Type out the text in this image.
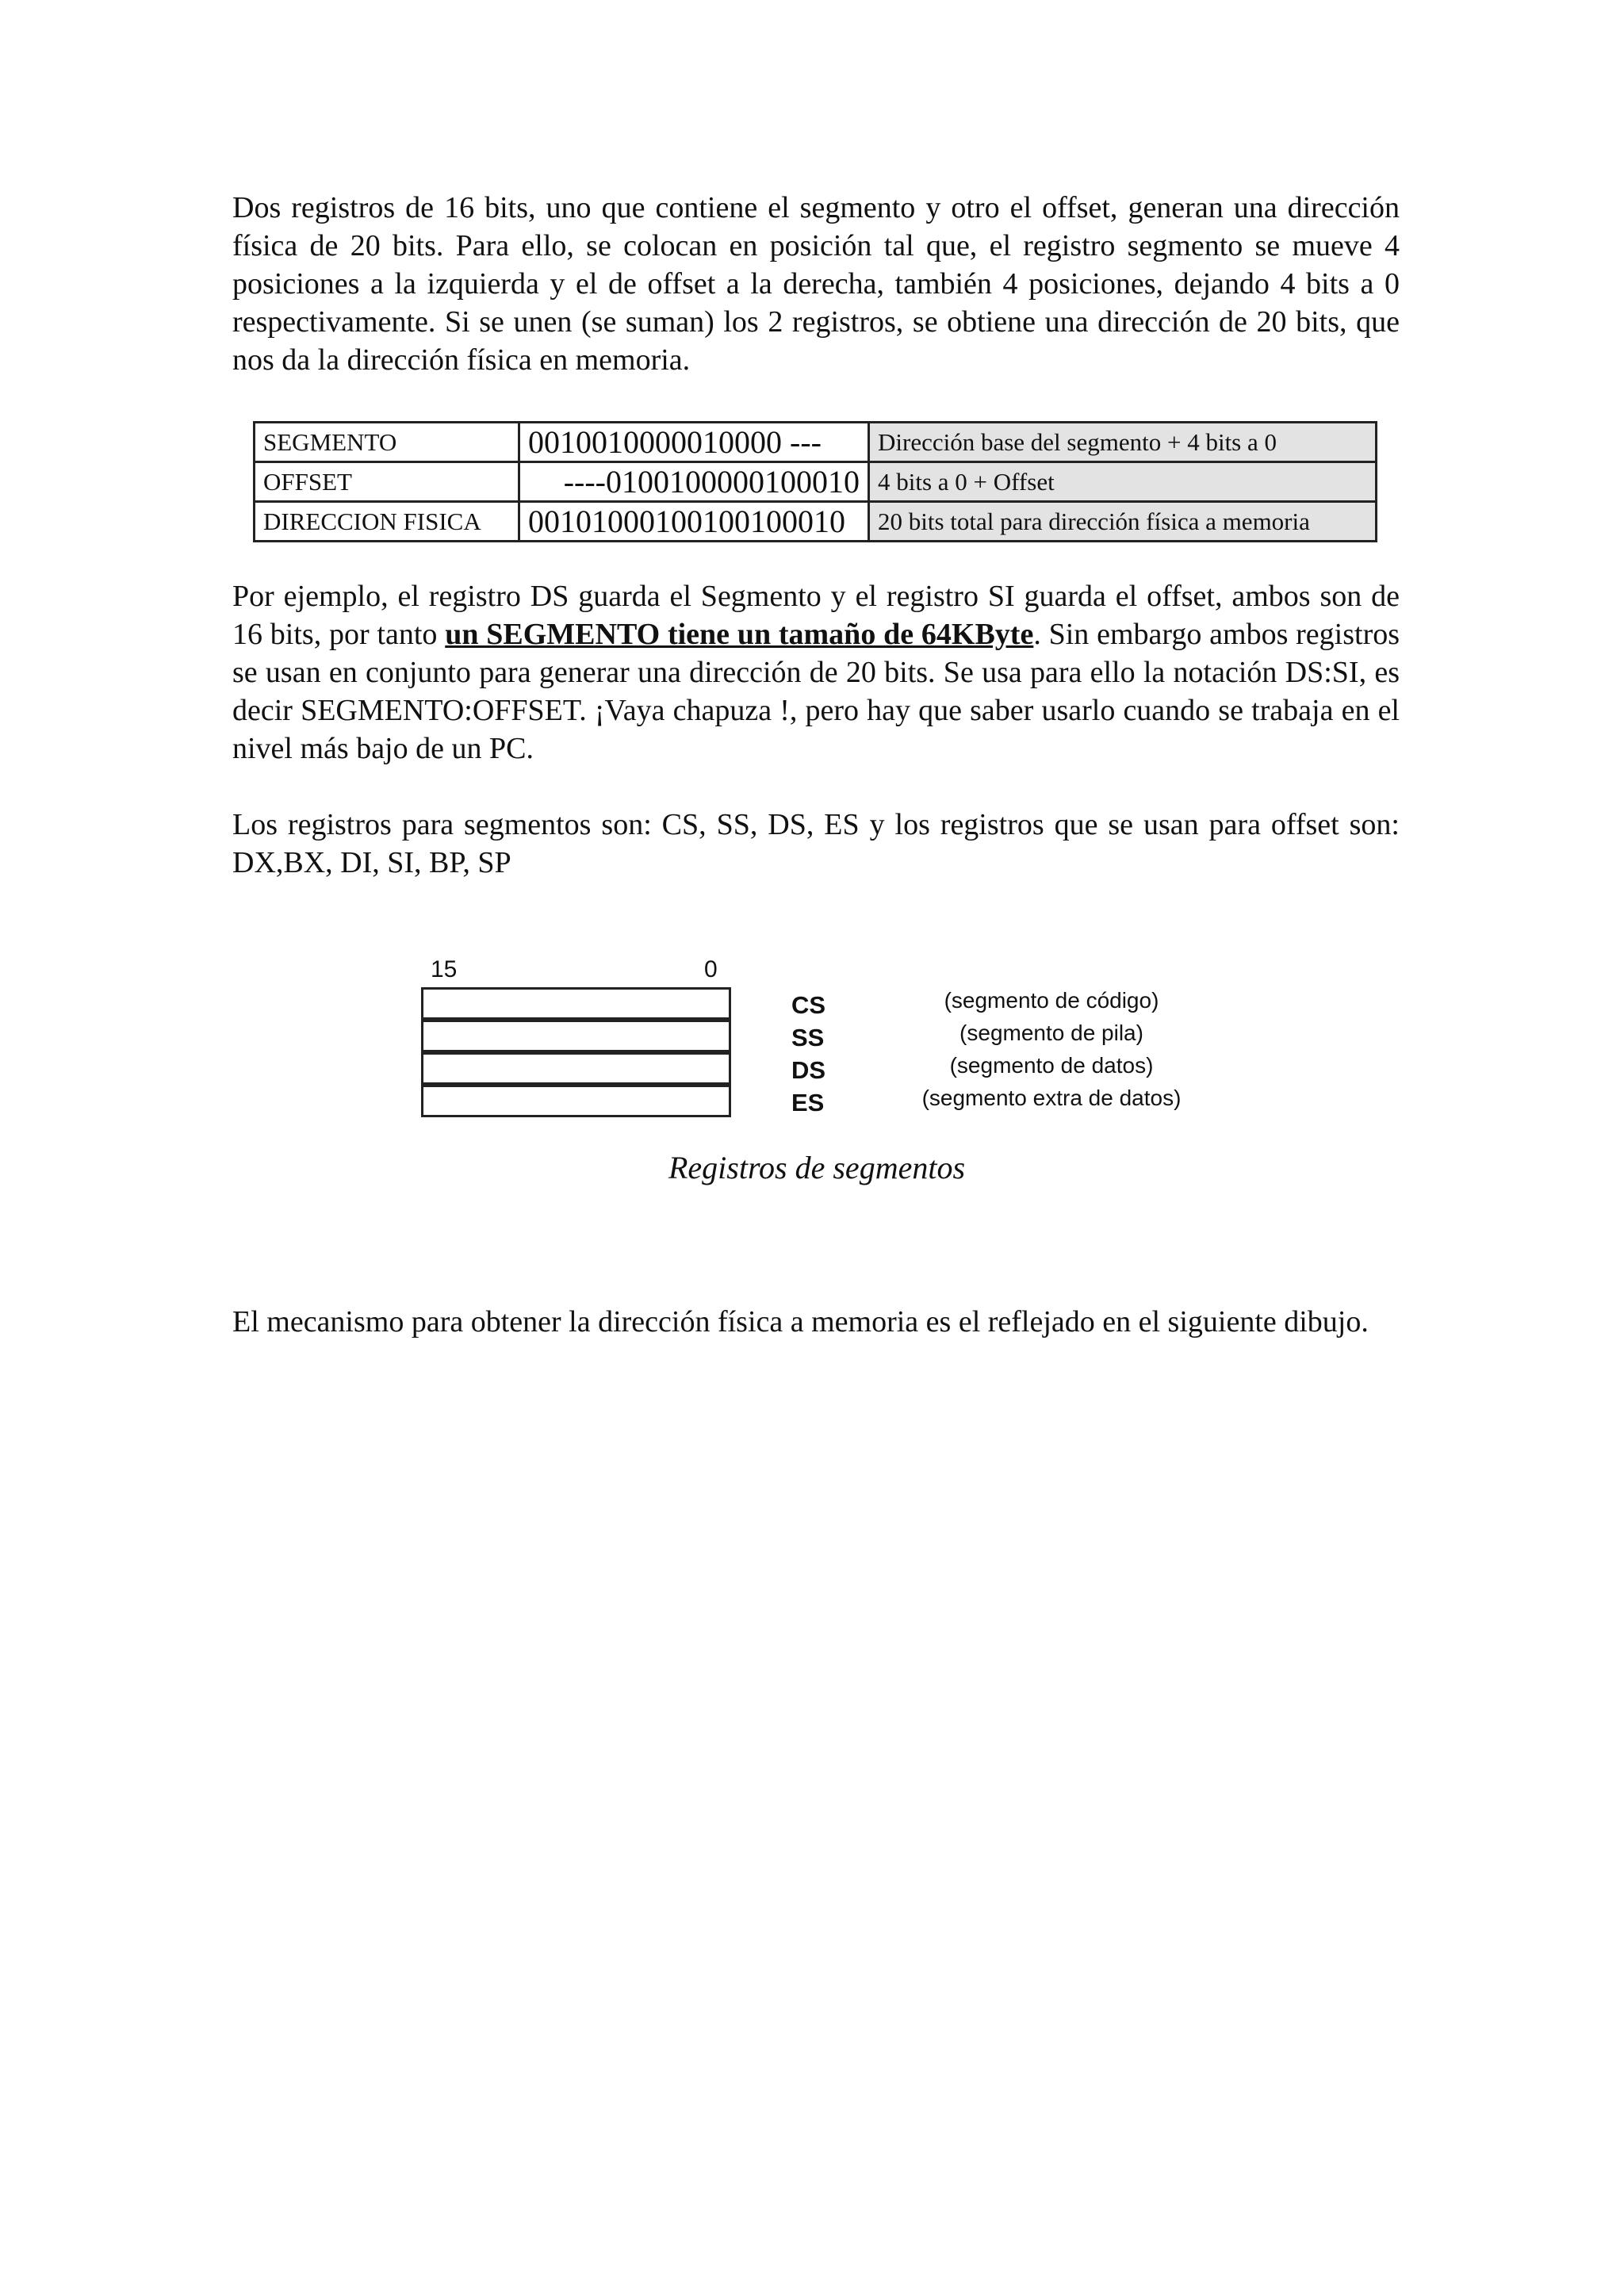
Dos registros de 16 bits, uno que contiene el segmento y otro el offset, generan una dirección física de 20 bits. Para ello, se colocan en posición tal que, el registro segmento se mueve 4 posiciones a la izquierda y el de offset a la derecha, también 4 posiciones, dejando 4 bits a 0 respectivamente. Si se unen (se suman) los 2 registros, se obtiene una dirección de 20 bits, que nos da la dirección física en memoria.

SEGMENTO	0010010000010000 ---	Dirección base del segmento + 4 bits a 0
OFFSET	----0100100000100010	4 bits a 0 + Offset
DIRECCION FISICA	00101000100100100010	20 bits total para dirección física a memoria

Por ejemplo, el registro DS guarda el Segmento y el registro SI guarda el offset, ambos son de 16 bits, por tanto un SEGMENTO tiene un tamaño de 64KByte. Sin embargo ambos registros se usan en conjunto para generar una dirección de 20 bits. Se usa para ello la notación DS:SI, es decir SEGMENTO:OFFSET. ¡Vaya chapuza !, pero hay que saber usarlo cuando se trabaja en el nivel más bajo de un PC.

Los registros para segmentos son: CS, SS, DS, ES y los registros que se usan para offset son: DX,BX, DI, SI, BP, SP

15	0
CS
SS
DS
ES
(segmento de código)
(segmento de pila)
(segmento de datos)
(segmento extra de datos)
Registros de segmentos

El mecanismo para obtener la dirección física a memoria es el reflejado en el siguiente dibujo.
